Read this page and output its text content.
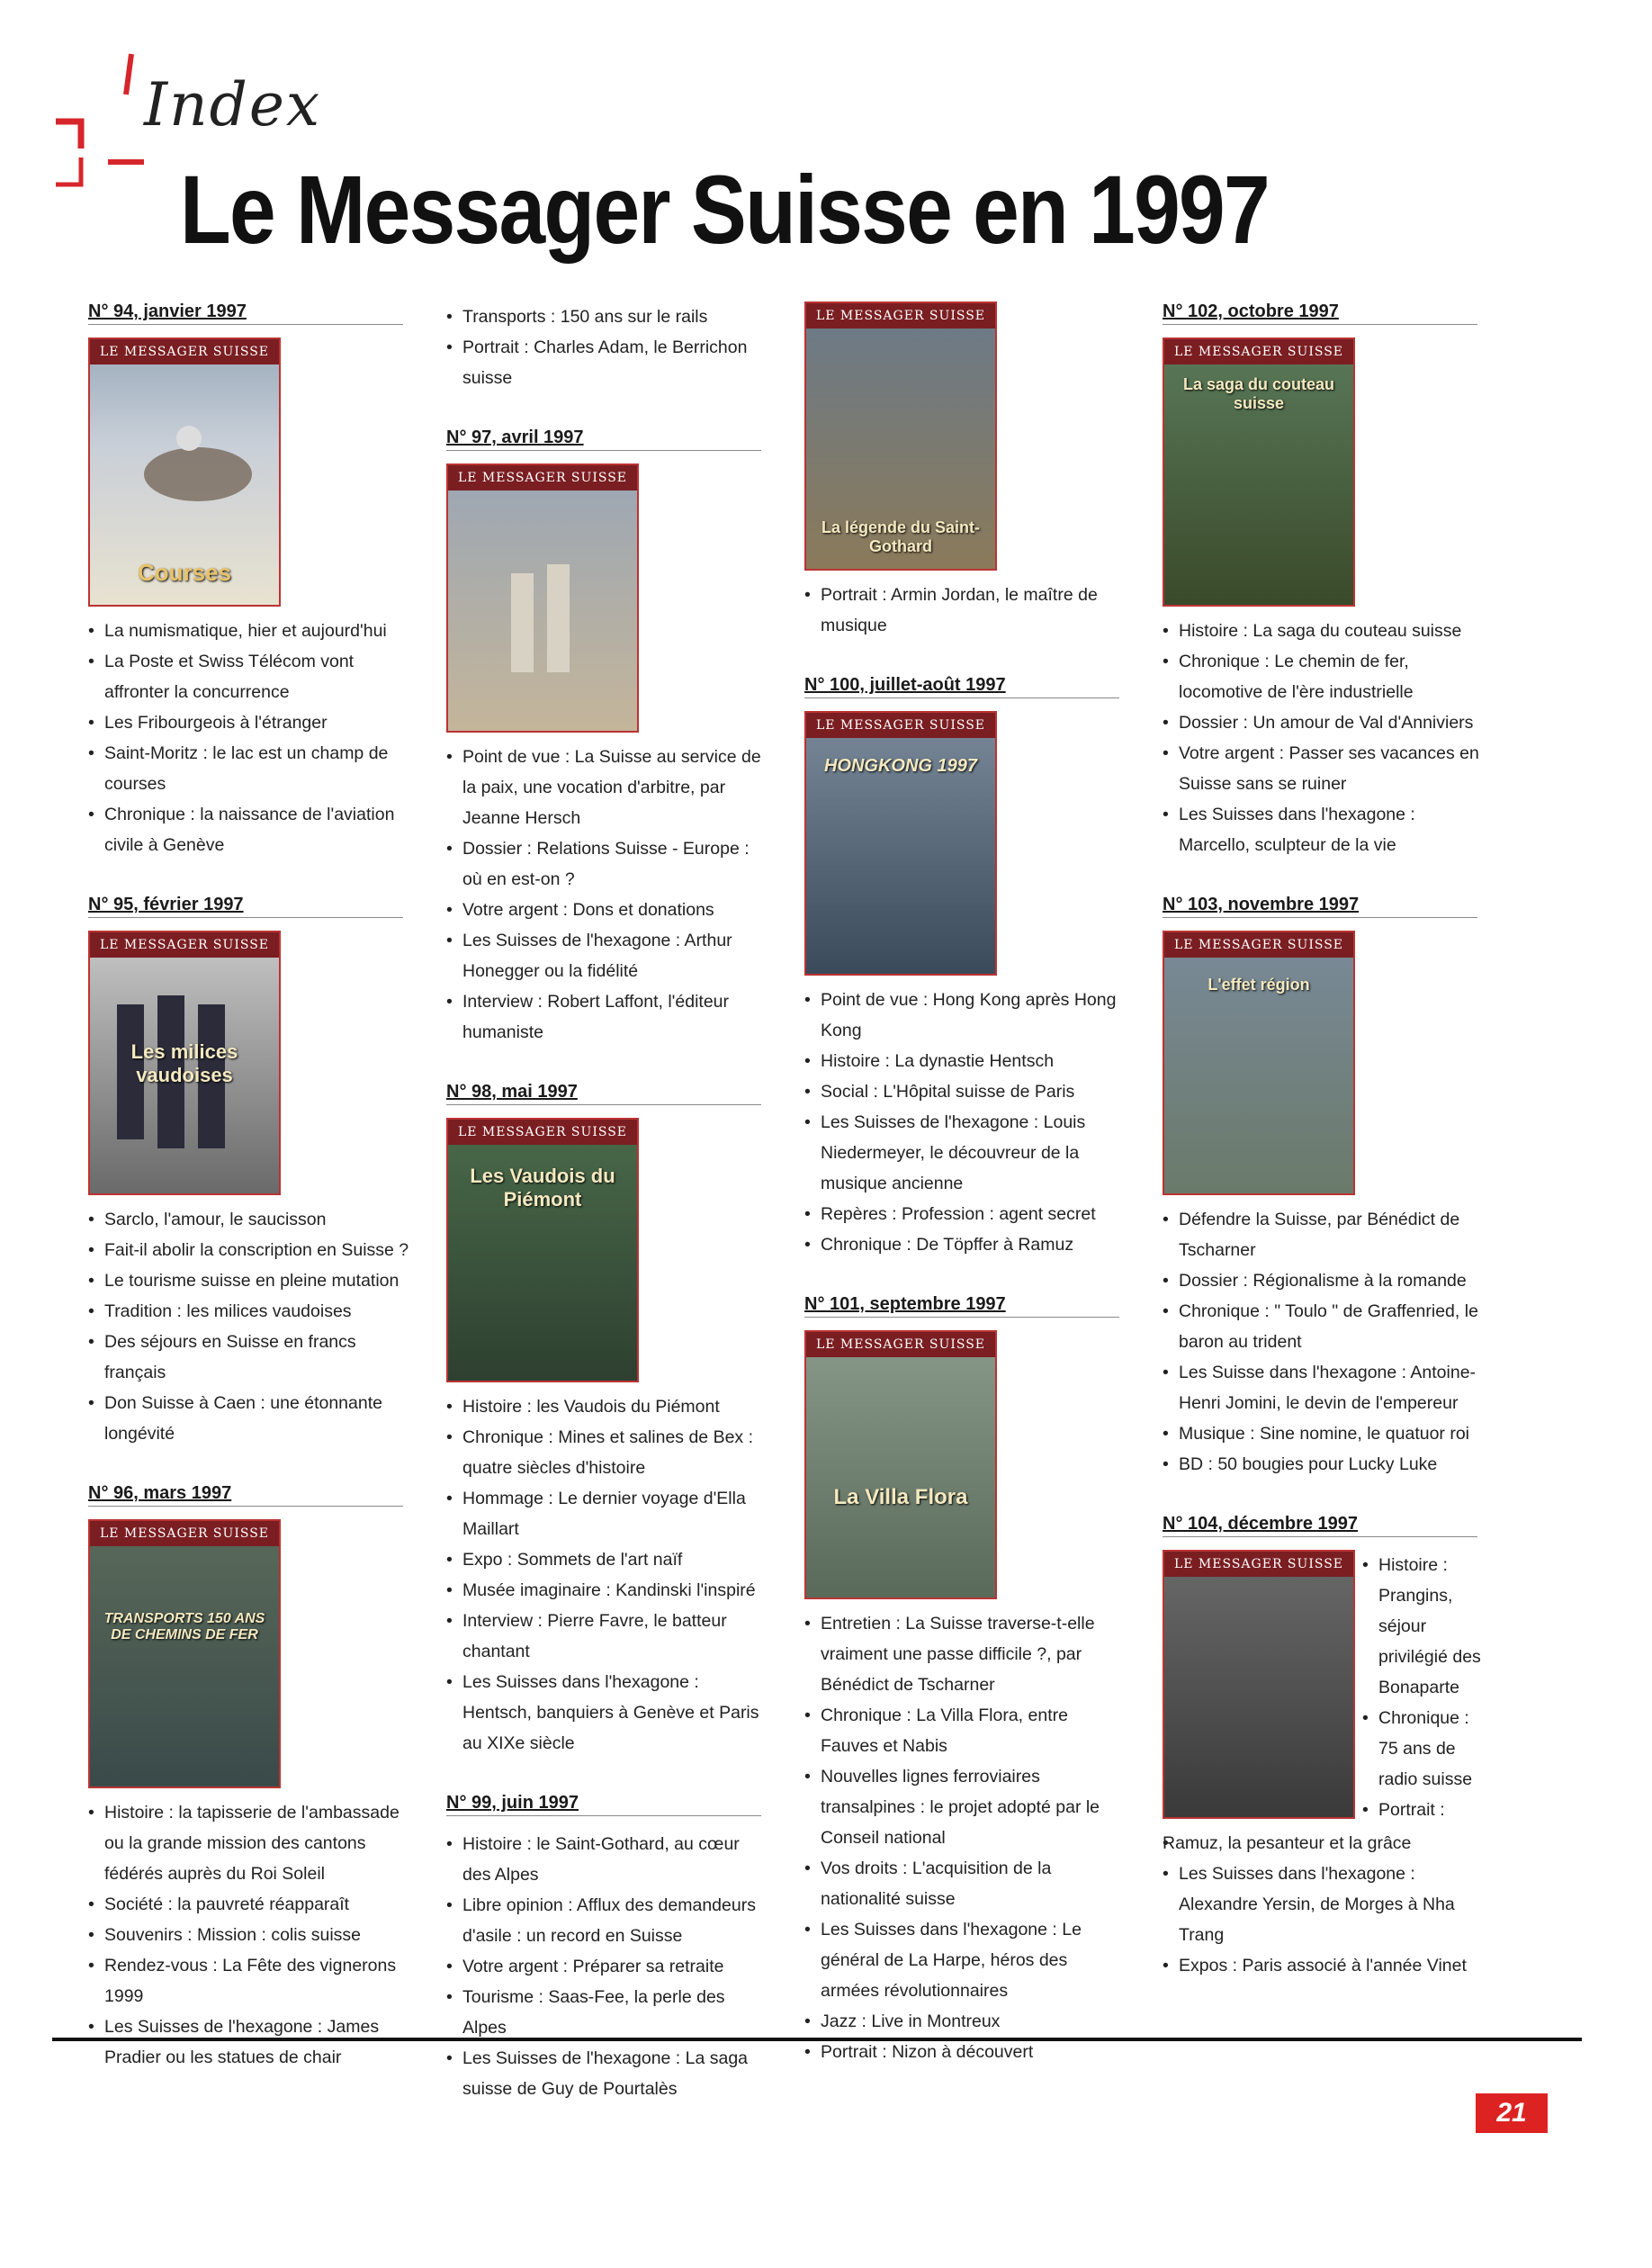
Index
Le Messager Suisse en 1997
N° 94, janvier 1997
LE MESSAGER SUISSE
Courses
• La numismatique, hier et aujourd'hui
• La Poste et Swiss Télécom vont affronter la concurrence
• Les Fribourgeois à l'étranger
• Saint-Moritz : le lac est un champ de courses
• Chronique : la naissance de l'aviation civile à Genève
N° 95, février 1997
LE MESSAGER SUISSE
Les milices vaudoises
• Sarclo, l'amour, le saucisson
• Fait-il abolir la conscription en Suisse ?
• Le tourisme suisse en pleine mutation
• Tradition : les milices vaudoises
• Des séjours en Suisse en francs français
• Don Suisse à Caen : une étonnante longévité
N° 96, mars 1997
LE MESSAGER SUISSE
TRANSPORTS 150 ANS DE CHEMINS DE FER
• Histoire : la tapisserie de l'ambassade ou la grande mission des cantons fédérés auprès du Roi Soleil
• Société : la pauvreté réapparaît
• Souvenirs : Mission : colis suisse
• Rendez-vous : La Fête des vignerons 1999
• Les Suisses de l'hexagone : James Pradier ou les statues de chair
• Transports : 150 ans sur le rails
• Portrait : Charles Adam, le Berrichon suisse
N° 97, avril 1997
LE MESSAGER SUISSE
• Point de vue : La Suisse au service de la paix, une vocation d'arbitre, par Jeanne Hersch
• Dossier : Relations Suisse - Europe : où en est-on ?
• Votre argent : Dons et donations
• Les Suisses de l'hexagone : Arthur Honegger ou la fidélité
• Interview : Robert Laffont, l'éditeur humaniste
N° 98, mai 1997
LE MESSAGER SUISSE
Les Vaudois du Piémont
• Histoire : les Vaudois du Piémont
• Chronique : Mines et salines de Bex : quatre siècles d'histoire
• Hommage : Le dernier voyage d'Ella Maillart
• Expo : Sommets de l'art naïf
• Musée imaginaire : Kandinski l'inspiré
• Interview : Pierre Favre, le batteur chantant
• Les Suisses dans l'hexagone : Hentsch, banquiers à Genève et Paris au XIXe siècle
N° 99, juin 1997
• Histoire : le Saint-Gothard, au cœur des Alpes
• Libre opinion : Afflux des demandeurs d'asile : un record en Suisse
• Votre argent : Préparer sa retraite
• Tourisme : Saas-Fee, la perle des Alpes
• Les Suisses de l'hexagone : La saga suisse de Guy de Pourtalès
LE MESSAGER SUISSE
La légende du Saint-Gothard
• Portrait : Armin Jordan, le maître de musique
N° 100, juillet-août 1997
LE MESSAGER SUISSE
HONGKONG 1997
• Point de vue : Hong Kong après Hong Kong
• Histoire : La dynastie Hentsch
• Social : L'Hôpital suisse de Paris
• Les Suisses de l'hexagone : Louis Niedermeyer, le découvreur de la musique ancienne
• Repères : Profession : agent secret
• Chronique : De Töpffer à Ramuz
N° 101, septembre 1997
LE MESSAGER SUISSE
La Villa Flora
• Entretien : La Suisse traverse-t-elle vraiment une passe difficile ?, par Bénédict de Tscharner
• Chronique : La Villa Flora, entre Fauves et Nabis
• Nouvelles lignes ferroviaires transalpines : le projet adopté par le Conseil national
• Vos droits : L'acquisition de la nationalité suisse
• Les Suisses dans l'hexagone : Le général de La Harpe, héros des armées révolutionnaires
• Jazz : Live in Montreux
• Portrait : Nizon à découvert
N° 102, octobre 1997
LE MESSAGER SUISSE
La saga du couteau suisse
• Histoire : La saga du couteau suisse
• Chronique : Le chemin de fer, locomotive de l'ère industrielle
• Dossier : Un amour de Val d'Anniviers
• Votre argent : Passer ses vacances en Suisse sans se ruiner
• Les Suisses dans l'hexagone : Marcello, sculpteur de la vie
N° 103, novembre 1997
LE MESSAGER SUISSE
L'effet région
• Défendre la Suisse, par Bénédict de Tscharner
• Dossier : Régionalisme à la romande
• Chronique : " Toulo " de Graffenried, le baron au trident
• Les Suisse dans l'hexagone : Antoine-Henri Jomini, le devin de l'empereur
• Musique : Sine nomine, le quatuor roi
• BD : 50 bougies pour Lucky Luke
N° 104, décembre 1997
LE MESSAGER SUISSE
•	Histoire : Prangins, séjour privilégié des Bonaparte
• Chronique : 75 ans de radio suisse
• Portrait :
• Ramuz, la pesanteur et la grâce
• Les Suisses dans l'hexagone : Alexandre Yersin, de Morges à Nha Trang
• Expos : Paris associé à l'année Vinet
21
